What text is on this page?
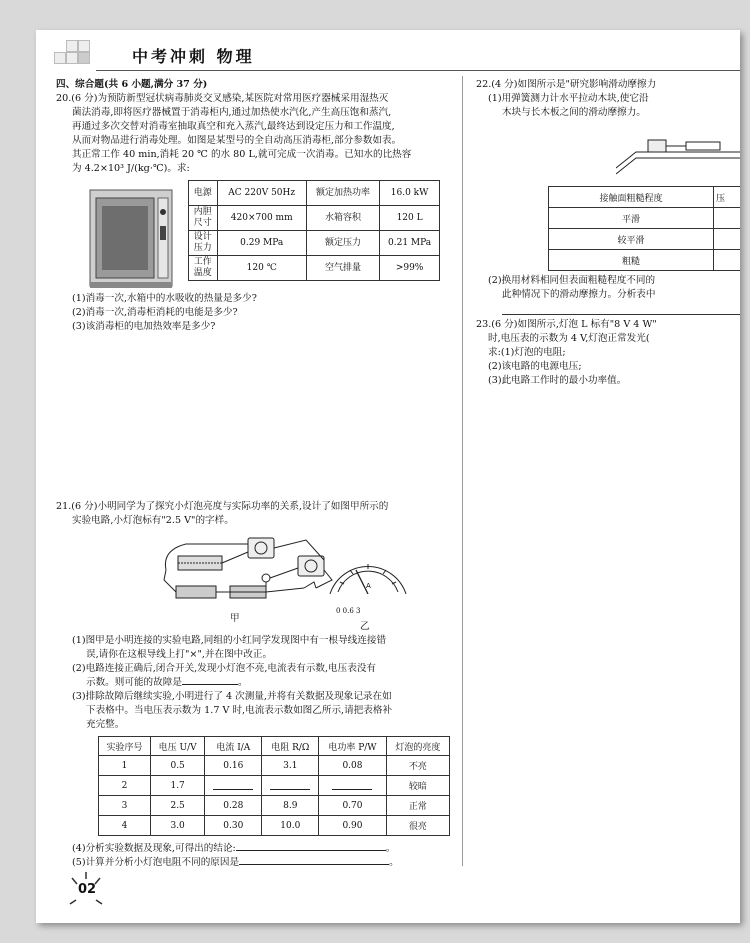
中考冲刺 物理
四、综合题(共 6 小题,满分 37 分)
20.(6 分)为预防新型冠状病毒肺炎交叉感染,某医院对常用医疗器械采用湿热灭
菌法消毒,即将医疗器械置于消毒柜内,通过加热使水汽化,产生高压饱和蒸汽,
再通过多次交替对消毒室抽取真空和充入蒸汽,最终达到设定压力和工作温度,
从而对物品进行消毒处理。如图是某型号的全自动高压消毒柜,部分参数如表。
其正常工作 40 min,消耗 20 ℃ 的水 80 L,就可完成一次消毒。已知水的比热容
为 4.2×10³ J/(kg·℃)。求:
电源	AC 220V 50Hz	额定加热功率	16.0 kW
内胆
尺寸	420×700 mm	水箱容积	120 L
设计
压力	0.29 MPa	额定压力	0.21 MPa
工作
温度	120 ℃	空气排量	>99%
(1)消毒一次,水箱中的水吸收的热量是多少?
(2)消毒一次,消毒柜消耗的电能是多少?
(3)该消毒柜的电加热效率是多少?
21.(6 分)小明同学为了探究小灯泡亮度与实际功率的关系,设计了如图甲所示的
实验电路,小灯泡标有"2.5 V"的字样。
甲
A
0 0.6 3
乙
(1)图甲是小明连接的实验电路,同组的小红同学发现图中有一根导线连接错
误,请你在这根导线上打"×",并在图中改正。
(2)电路连接正确后,闭合开关,发现小灯泡不亮,电流表有示数,电压表没有
示数。则可能的故障是	。
(3)排除故障后继续实验,小明进行了 4 次测量,并将有关数据及现象记录在如
下表格中。当电压表示数为 1.7 V 时,电流表示数如图乙所示,请把表格补
充完整。
实验序号	电压 U/V	电流 I/A	电阻 R/Ω	电功率 P/W	灯泡的亮度
1	0.5	0.16	3.1	0.08	不亮
2	1.7				较暗
3	2.5	0.28	8.9	0.70	正常
4	3.0	0.30	10.0	0.90	很亮
(4)分析实验数据及现象,可得出的结论:	。
(5)计算并分析小灯泡电阻不同的原因是	。
22.(4 分)如图所示是"研究影响滑动摩擦力
(1)用弹簧测力计水平拉动木块,使它沿
木块与长木板之间的滑动摩擦力。
接触面粗糙程度	压
平滑	
较平滑	
粗糙	
(2)换用材料相同但表面粗糙程度不同的
此种情况下的滑动摩擦力。分析表中
23.(6 分)如图所示,灯泡 L 标有"8 V 4 W"
时,电压表的示数为 4 V,灯泡正常发光(
求:(1)灯泡的电阻;
(2)该电路的电源电压;
(3)此电路工作时的最小功率值。
02
